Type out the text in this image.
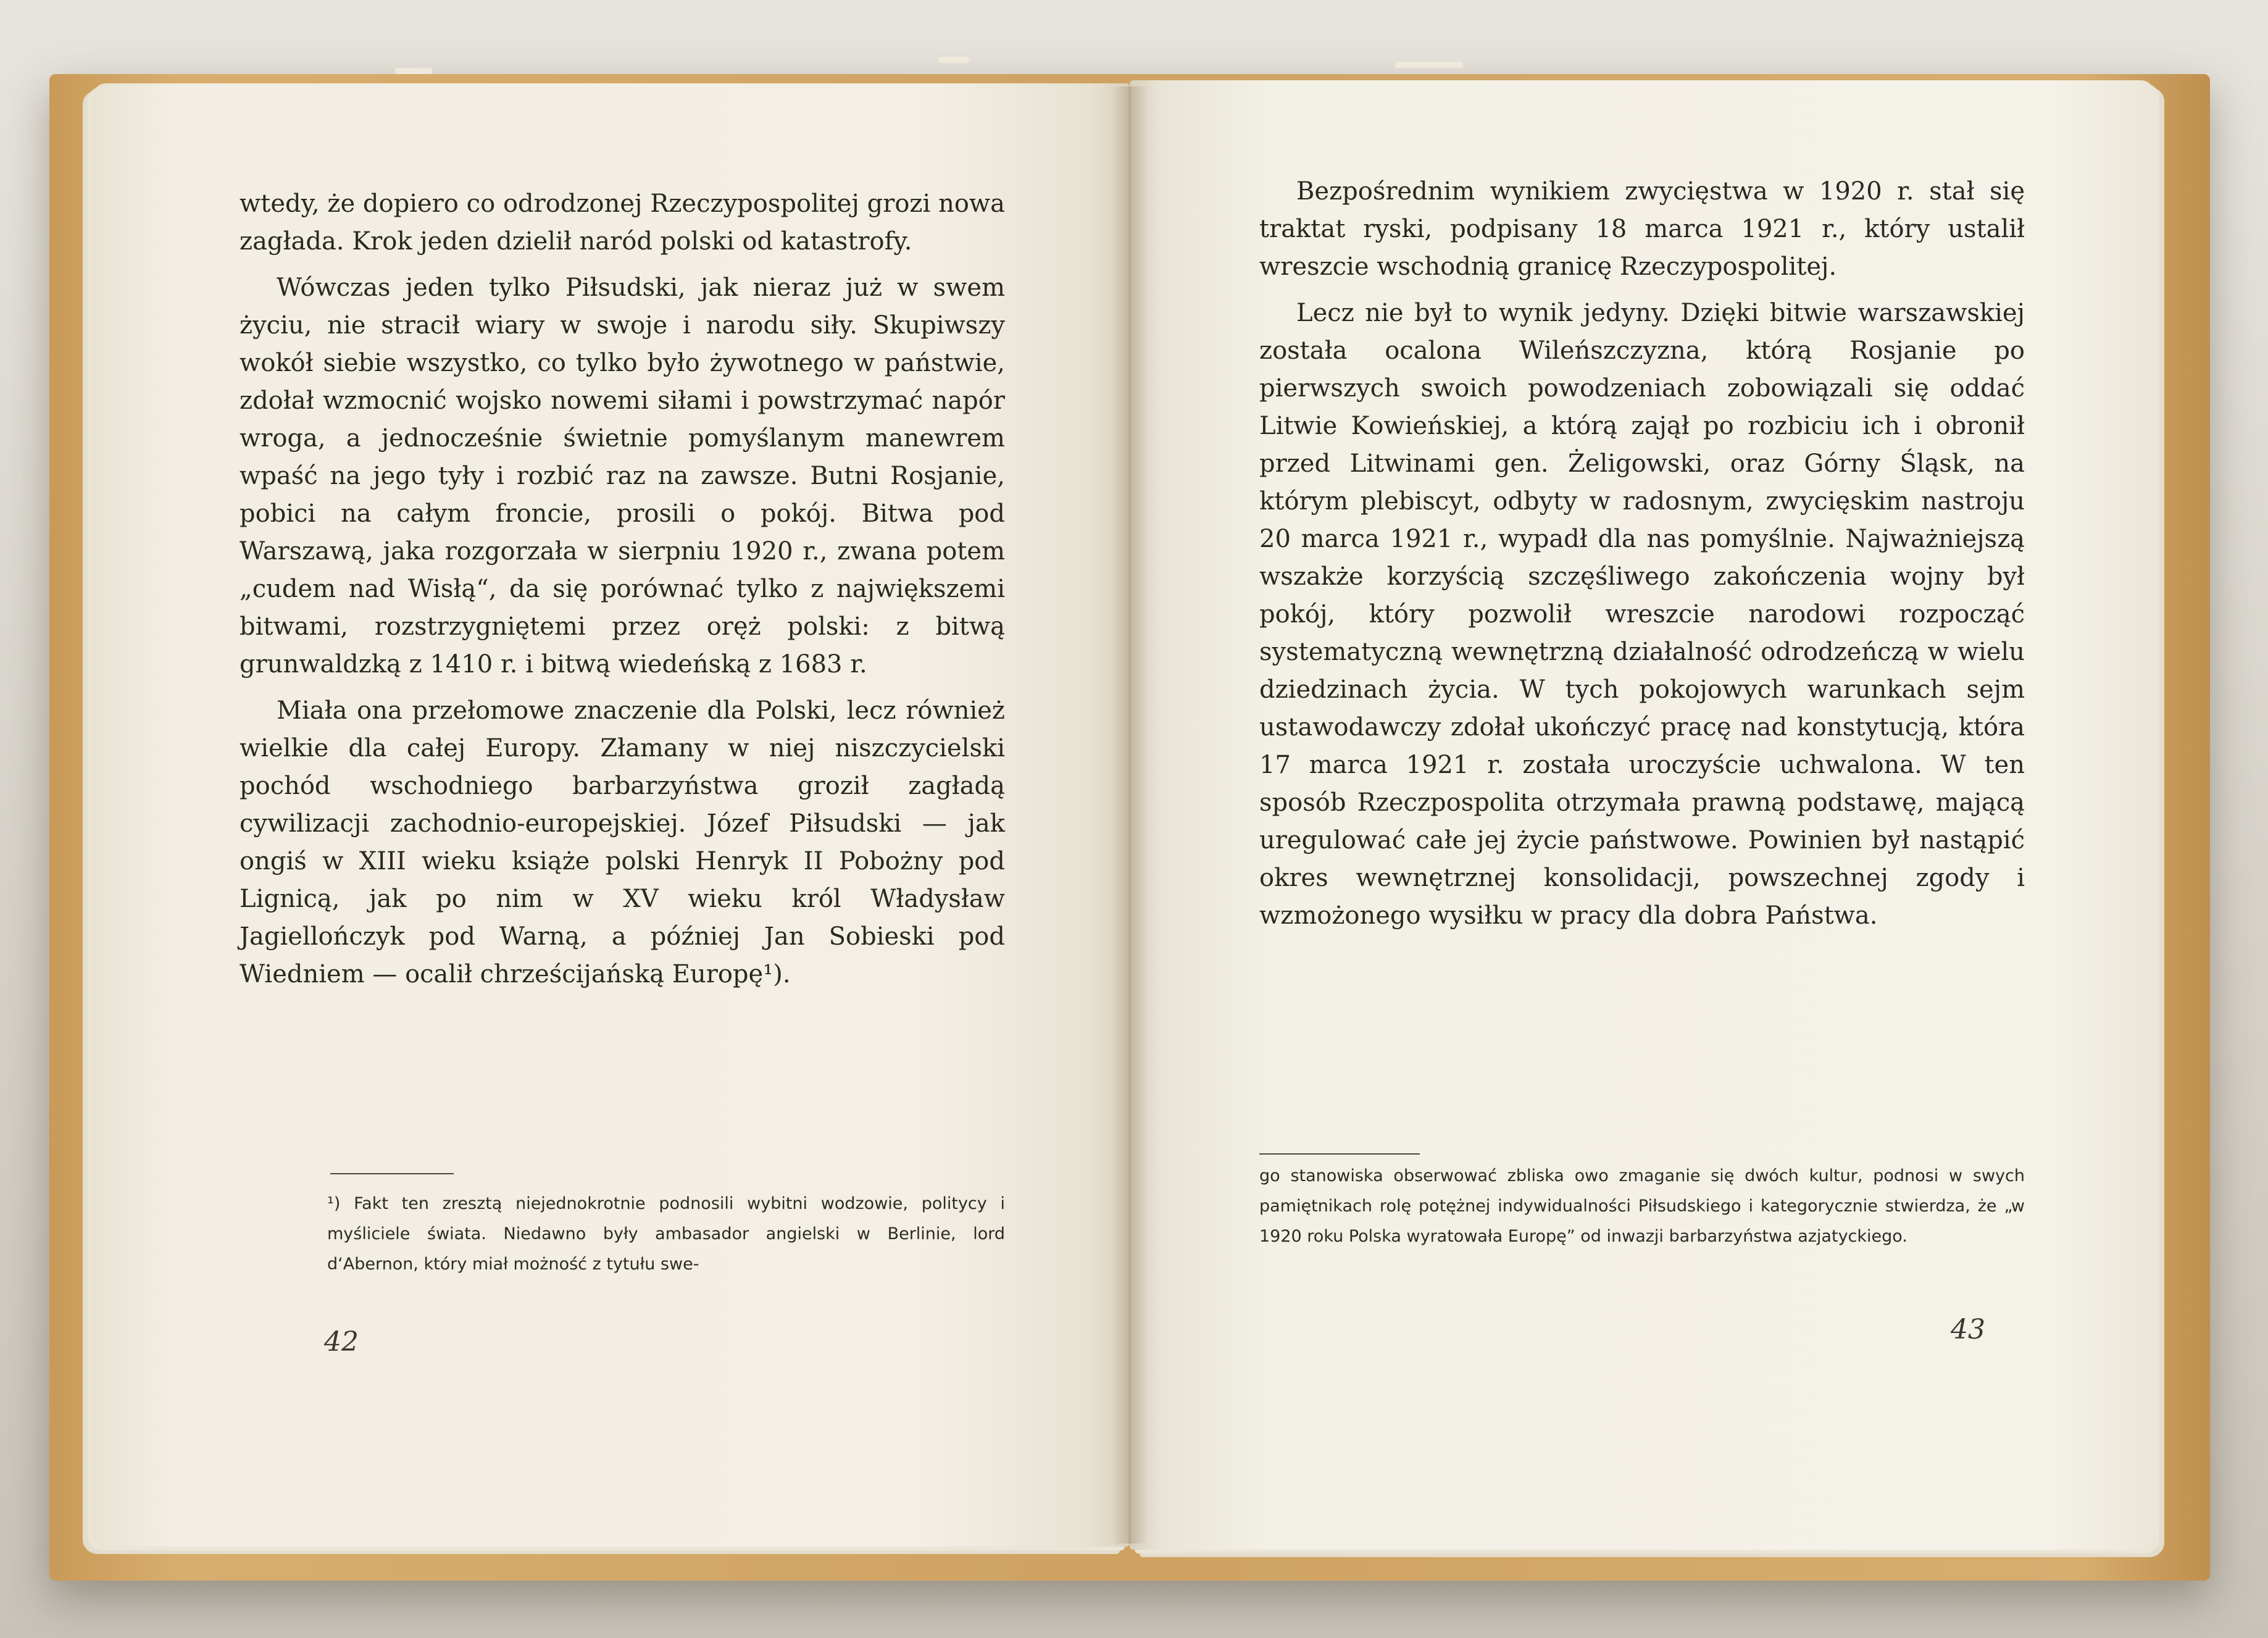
wtedy, że dopiero co odrodzonej Rzeczypospolitej grozi nowa zagłada. Krok jeden dzielił naród polski od katastrofy.

Wówczas jeden tylko Piłsudski, jak nieraz już w swem życiu, nie stracił wiary w swoje i narodu siły. Skupiwszy wokół siebie wszystko, co tylko było żywotnego w państwie, zdołał wzmocnić wojsko nowemi siłami i powstrzymać napór wroga, a jednocześnie świetnie pomyślanym manewrem wpaść na jego tyły i rozbić raz na zawsze. Butni Rosjanie, pobici na całym froncie, prosili o pokój. Bitwa pod Warszawą, jaka rozgorzała w sierpniu 1920 r., zwana potem „cudem nad Wisłą“, da się porównać tylko z największemi bitwami, rozstrzygniętemi przez oręż polski: z bitwą grunwaldzką z 1410 r. i bitwą wiedeńską z 1683 r.

Miała ona przełomowe znaczenie dla Polski, lecz również wielkie dla całej Europy. Złamany w niej niszczycielski pochód wschodniego barbarzyństwa groził zagładą cywilizacji zachodnio-europejskiej. Józef Piłsudski — jak ongiś w XIII wieku książe polski Henryk II Pobożny pod Lignicą, jak po nim w XV wieku król Władysław Jagiellończyk pod Warną, a później Jan Sobieski pod Wiedniem — ocalił chrześcijańską Europę¹).

¹) Fakt ten zresztą niejednokrotnie podnosili wybitni wodzowie, politycy i myśliciele świata. Niedawno były ambasador angielski w Berlinie, lord d‘Abernon, który miał możność z tytułu swe-

42

Bezpośrednim wynikiem zwycięstwa w 1920 r. stał się traktat ryski, podpisany 18 marca 1921 r., który ustalił wreszcie wschodnią granicę Rzeczypospolitej.

Lecz nie był to wynik jedyny. Dzięki bitwie warszawskiej została ocalona Wileńszczyzna, którą Rosjanie po pierwszych swoich powodzeniach zobowiązali się oddać Litwie Kowieńskiej, a którą zajął po rozbiciu ich i obronił przed Litwinami gen. Żeligowski, oraz Górny Śląsk, na którym plebiscyt, odbyty w radosnym, zwycięskim nastroju 20 marca 1921 r., wypadł dla nas pomyślnie. Najważniejszą wszakże korzyścią szczęśliwego zakończenia wojny był pokój, który pozwolił wreszcie narodowi rozpocząć systematyczną wewnętrzną działalność odrodzeńczą w wielu dziedzinach życia. W tych pokojowych warunkach sejm ustawodawczy zdołał ukończyć pracę nad konstytucją, która 17 marca 1921 r. została uroczyście uchwalona. W ten sposób Rzeczpospolita otrzymała prawną podstawę, mającą uregulować całe jej życie państwowe. Powinien był nastąpić okres wewnętrznej konsolidacji, powszechnej zgody i wzmożonego wysiłku w pracy dla dobra Państwa.

go stanowiska obserwować zbliska owo zmaganie się dwóch kultur, podnosi w swych pamiętnikach rolę potężnej indywidualności Piłsudskiego i kategorycznie stwierdza, że „w 1920 roku Polska wyratowała Europę” od inwazji barbarzyństwa azjatyckiego.

43
